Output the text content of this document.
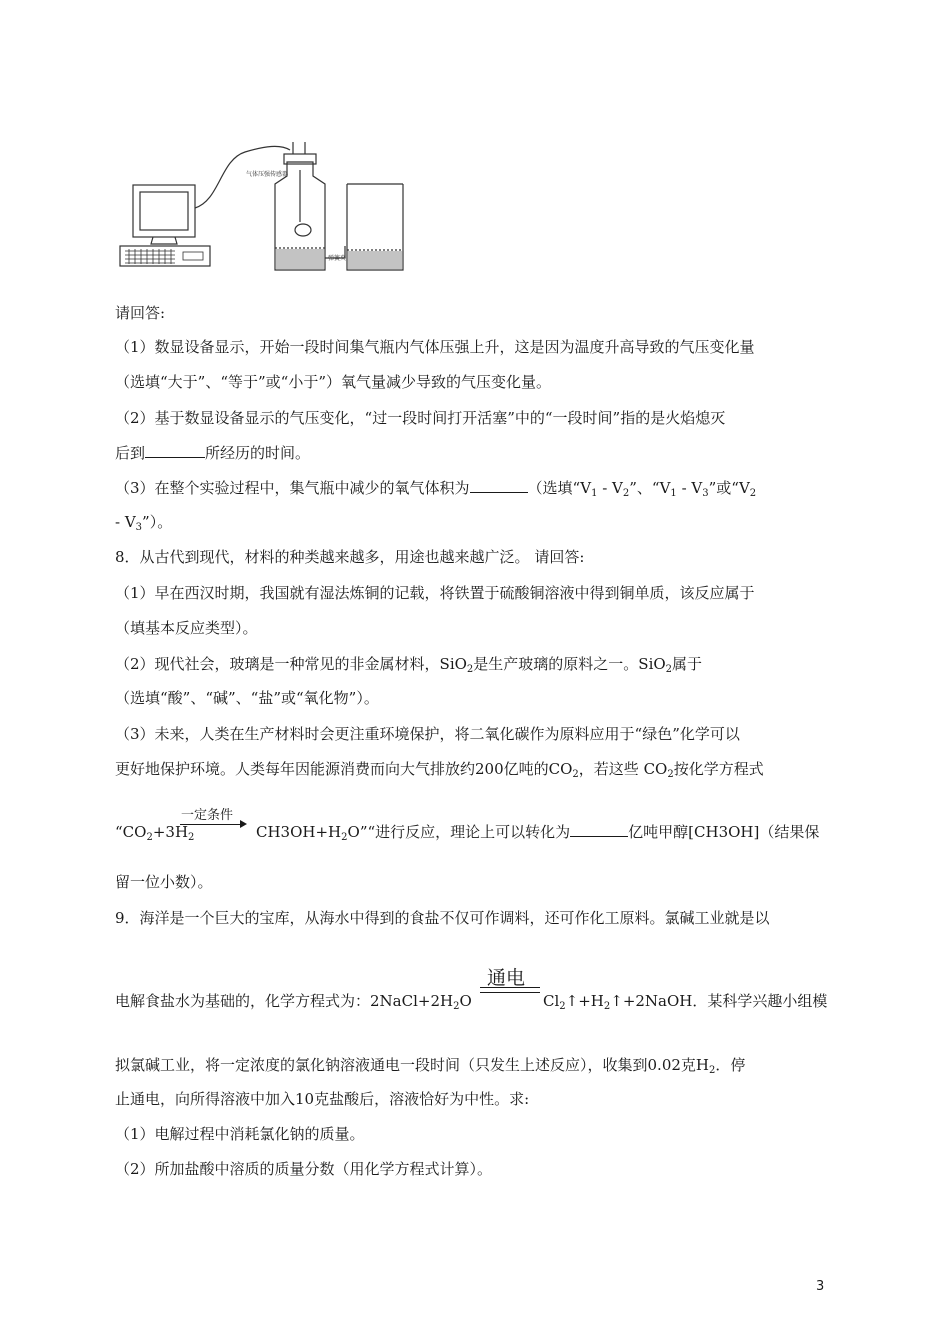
气体压强传感器
弹簧夹
请回答:
（1）数显设备显示，开始一段时间集气瓶内气体压强上升，这是因为温度升高导致的气压变化量
（选填“大于”、“等于”或“小于”）氧气量减少导致的气压变化量。
（2）基于数显设备显示的气压变化，“过一段时间打开活塞”中的“一段时间”指的是火焰熄灭
后到	所经历的时间。
（3）在整个实验过程中，集气瓶中减少的氧气体积为	（选填“$V_1 - V_2$”、“$V_1 - V_3$”或“$V_2$
- $V_3$”）。
8．从古代到现代，材料的种类越来越多，用途也越来越广泛。 请回答:
（1）早在西汉时期，我国就有湿法炼铜的记载，将铁置于硫酸铜溶液中得到铜单质，该反应属于
（填基本反应类型）。
（2）现代社会，玻璃是一种常见的非金属材料，SiO$_2$是生产玻璃的原料之一。SiO$_2$属于
（选填“酸”、“碱”、“盐”或“氧化物”）。
（3）未来，人类在生产材料时会更注重环境保护，将二氧化碳作为原料应用于“绿色”化学可以
更好地保护环境。人类每年因能源消费而向大气排放约200亿吨的$CO_2$，若这些 $CO_2$按化学方程式
一定条件
“$CO_2+3H_2$	$CH3OH+H_2O”“$进行反应，理论上可以转化为	亿吨甲醇[CH3OH]（结果保
留一位小数）。
9．海洋是一个巨大的宝库，从海水中得到的食盐不仅可作调料，还可作化工原料。氯碱工业就是以
通电
电解食盐水为基础的，化学方程式为：$2NaCl+2H_2O$	$Cl_2↑+H_2↑+2NaOH$．某科学兴趣小组模
拟氯碱工业，将一定浓度的氯化钠溶液通电一段时间（只发生上述反应），收集到0.02克$H_2$．停
止通电，向所得溶液中加入10克盐酸后，溶液恰好为中性。求:
（1）电解过程中消耗氯化钠的质量。
（2）所加盐酸中溶质的质量分数（用化学方程式计算）。
3
